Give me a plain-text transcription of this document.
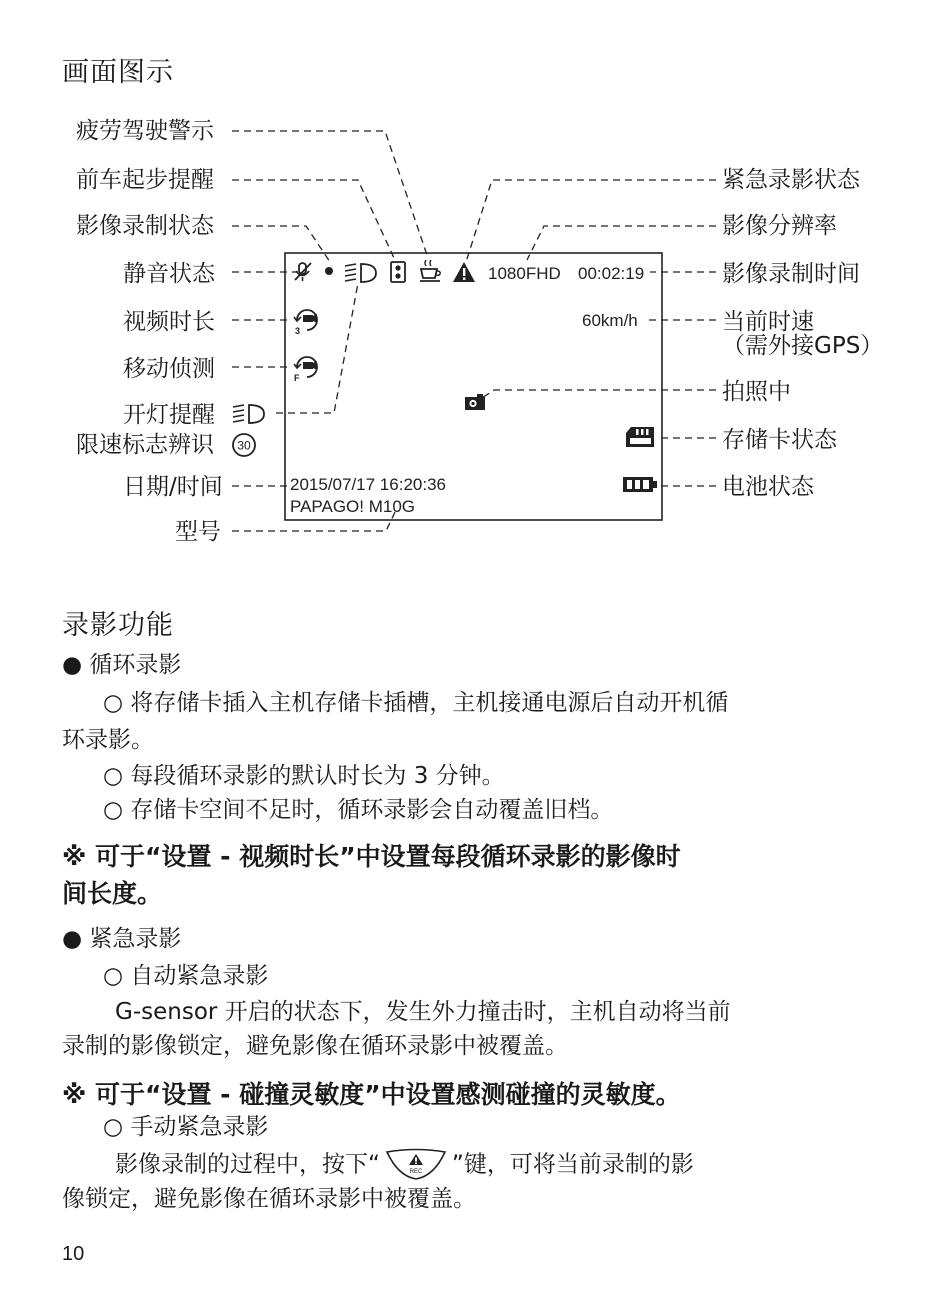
画面图示
疲劳驾驶警示
前车起步提醒
影像录制状态
静音状态
视频时长
移动侦测
开灯提醒
限速标志辨识
日期/时间
型号
紧急录影状态
影像分辨率
影像录制时间
当前时速
（需外接GPS）
拍照中
存储卡状态
电池状态
1080FHD 00:02:19
3
F
60km/h
2015/07/17 16:20:36
PAPAGO! M10G
30
录影功能
● 循环录影
○ 将存储卡插入主机存储卡插槽，主机接通电源后自动开机循
环录影。
○ 每段循环录影的默认时长为 3 分钟。
○ 存储卡空间不足时，循环录影会自动覆盖旧档。
※ 可于“设置 - 视频时长”中设置每段循环录影的影像时
间长度。
● 紧急录影
○ 自动紧急录影
G-sensor 开启的状态下，发生外力撞击时，主机自动将当前
录制的影像锁定，避免影像在循环录影中被覆盖。
※ 可于“设置 - 碰撞灵敏度”中设置感测碰撞的灵敏度。
○ 手动紧急录影
影像录制的过程中，按下“	REC ”键，可将当前录制的影
像锁定，避免影像在循环录影中被覆盖。
10
